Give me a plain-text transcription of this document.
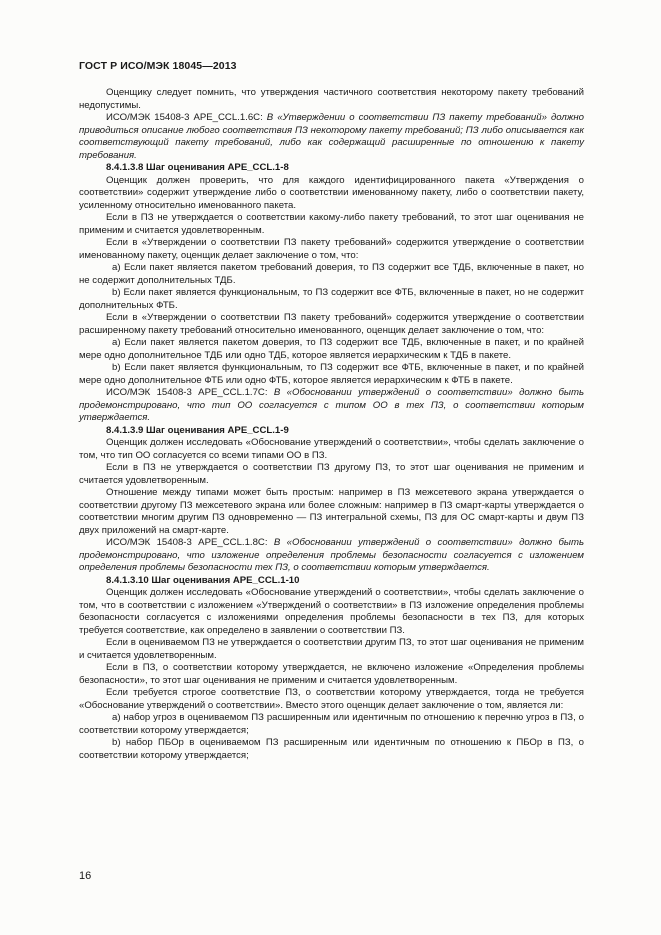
ГОСТ Р ИСО/МЭК 18045—2013

Оценщику следует помнить, что утверждения частичного соответствия некоторому пакету требований недопустимы.

ИСО/МЭК 15408-3 APE_CCL.1.6C: В «Утверждении о соответствии ПЗ пакету требований» должно приводиться описание любого соответствия ПЗ некоторому пакету требований; ПЗ либо описывается как соответствующий пакету требований, либо как содержащий расширенные по отношению к пакету требования.

8.4.1.3.8 Шаг оценивания APE_CCL.1-8

Оценщик должен проверить, что для каждого идентифицированного пакета «Утверждения о соответствии» содержит утверждение либо о соответствии именованному пакету, либо о соответствии пакету, усиленному относительно именованного пакета.

Если в ПЗ не утверждается о соответствии какому-либо пакету требований, то этот шаг оценивания не применим и считается удовлетворенным.

Если в «Утверждении о соответствии ПЗ пакету требований» содержится утверждение о соответствии именованному пакету, оценщик делает заключение о том, что:

a) Если пакет является пакетом требований доверия, то ПЗ содержит все ТДБ, включенные в пакет, но не содержит дополнительных ТДБ.

b) Если пакет является функциональным, то ПЗ содержит все ФТБ, включенные в пакет, но не содержит дополнительных ФТБ.

Если в «Утверждении о соответствии ПЗ пакету требований» содержится утверждение о соответствии расширенному пакету требований относительно именованного, оценщик делает заключение о том, что:

a) Если пакет является пакетом доверия, то ПЗ содержит все ТДБ, включенные в пакет, и по крайней мере одно дополнительное ТДБ или одно ТДБ, которое является иерархическим к ТДБ в пакете.

b) Если пакет является функциональным, то ПЗ содержит все ФТБ, включенные в пакет, и по крайней мере одно дополнительное ФТБ или одно ФТБ, которое является иерархическим к ФТБ в пакете.

ИСО/МЭК 15408-3 APE_CCL.1.7C: В «Обосновании утверждений о соответствии» должно быть продемонстрировано, что тип ОО согласуется с типом ОО в тех ПЗ, о соответствии которым утверждается.

8.4.1.3.9 Шаг оценивания APE_CCL.1-9

Оценщик должен исследовать «Обоснование утверждений о соответствии», чтобы сделать заключение о том, что тип ОО согласуется со всеми типами ОО в ПЗ.

Если в ПЗ не утверждается о соответствии ПЗ другому ПЗ, то этот шаг оценивания не применим и считается удовлетворенным.

Отношение между типами может быть простым: например в ПЗ межсетевого экрана утверждается о соответствии другому ПЗ межсетевого экрана или более сложным: например в ПЗ смарт-карты утверждается о соответствии многим другим ПЗ одновременно — ПЗ интегральной схемы, ПЗ для ОС смарт-карты и двум ПЗ двух приложений на смарт-карте.

ИСО/МЭК 15408-3 APE_CCL.1.8C: В «Обосновании утверждений о соответствии» должно быть продемонстрировано, что изложение определения проблемы безопасности согласуется с изложением определения проблемы безопасности тех ПЗ, о соответствии которым утверждается.

8.4.1.3.10 Шаг оценивания APE_CCL.1-10

Оценщик должен исследовать «Обоснование утверждений о соответствии», чтобы сделать заключение о том, что в соответствии с изложением «Утверждений о соответствии» в ПЗ изложение определения проблемы безопасности согласуется с изложениями определения проблемы безопасности в тех ПЗ, для которых требуется соответствие, как определено в заявлении о соответствии ПЗ.

Если в оцениваемом ПЗ не утверждается о соответствии другим ПЗ, то этот шаг оценивания не применим и считается удовлетворенным.

Если в ПЗ, о соответствии которому утверждается, не включено изложение «Определения проблемы безопасности», то этот шаг оценивания не применим и считается удовлетворенным.

Если требуется строгое соответствие ПЗ, о соответствии которому утверждается, тогда не требуется «Обоснование утверждений о соответствии». Вместо этого оценщик делает заключение о том, является ли:

a) набор угроз в оцениваемом ПЗ расширенным или идентичным по отношению к перечню угроз в ПЗ, о соответствии которому утверждается;

b) набор ПБОр в оцениваемом ПЗ расширенным или идентичным по отношению к ПБОр в ПЗ, о соответствии которому утверждается;

16
